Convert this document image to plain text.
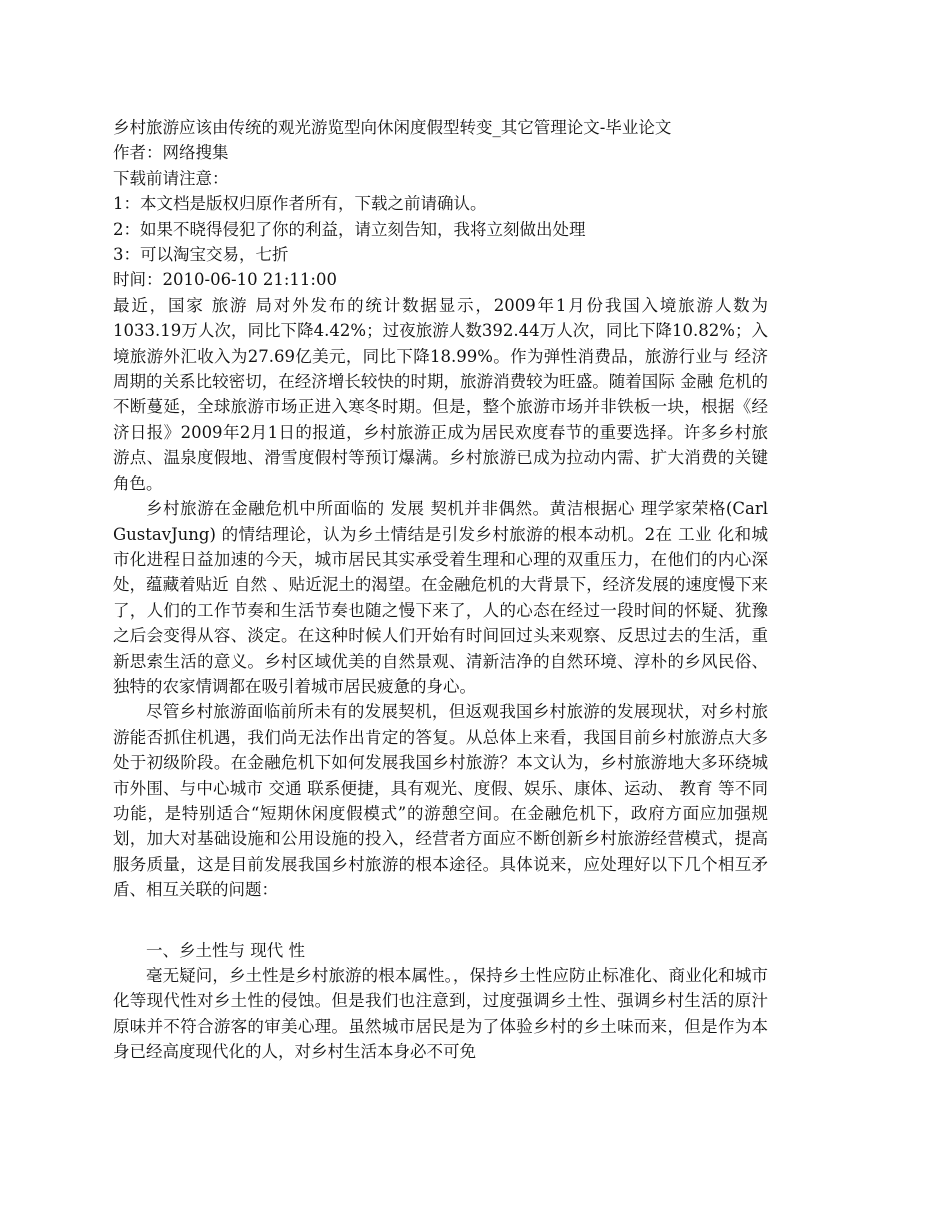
乡村旅游应该由传统的观光游览型向休闲度假型转变_其它管理论文-毕业论文
作者：网络搜集
下载前请注意：
1：本文档是版权归原作者所有，下载之前请确认。
2：如果不晓得侵犯了你的利益，请立刻告知，我将立刻做出处理
3：可以淘宝交易，七折
时间：2010-06-10 21:11:00
最近，国家 旅游 局对外发布的统计数据显示，2009年1月份我国入境旅游人数为1033.19万人次，同比下降4.42%；过夜旅游人数392.44万人次，同比下降10.82%；入境旅游外汇收入为27.69亿美元，同比下降18.99%。作为弹性消费品，旅游行业与 经济 周期的关系比较密切，在经济增长较快的时期，旅游消费较为旺盛。随着国际 金融 危机的不断蔓延，全球旅游市场正进入寒冬时期。但是，整个旅游市场并非铁板一块，根据《经济日报》2009年2月1日的报道，乡村旅游正成为居民欢度春节的重要选择。许多乡村旅游点、温泉度假地、滑雪度假村等预订爆满。乡村旅游已成为拉动内需、扩大消费的关键角色。
乡村旅游在金融危机中所面临的 发展 契机并非偶然。黄洁根据心 理学家荣格(Carl GustavJung) 的情结理论，认为乡土情结是引发乡村旅游的根本动机。2在 工业 化和城市化进程日益加速的今天，城市居民其实承受着生理和心理的双重压力，在他们的内心深处，蕴藏着贴近 自然 、贴近泥土的渴望。在金融危机的大背景下，经济发展的速度慢下来了，人们的工作节奏和生活节奏也随之慢下来了，人的心态在经过一段时间的怀疑、犹豫之后会变得从容、淡定。在这种时候人们开始有时间回过头来观察、反思过去的生活，重新思索生活的意义。乡村区域优美的自然景观、清新洁净的自然环境、淳朴的乡风民俗、独特的农家情调都在吸引着城市居民疲惫的身心。
尽管乡村旅游面临前所未有的发展契机，但返观我国乡村旅游的发展现状，对乡村旅游能否抓住机遇，我们尚无法作出肯定的答复。从总体上来看，我国目前乡村旅游点大多处于初级阶段。在金融危机下如何发展我国乡村旅游？本文认为，乡村旅游地大多环绕城市外围、与中心城市 交通 联系便捷，具有观光、度假、娱乐、康体、运动、 教育 等不同功能，是特别适合“短期休闲度假模式”的游憩空间。在金融危机下，政府方面应加强规划，加大对基础设施和公用设施的投入，经营者方面应不断创新乡村旅游经营模式，提高服务质量，这是目前发展我国乡村旅游的根本途径。具体说来，应处理好以下几个相互矛盾、相互关联的问题：
一、乡土性与 现代 性
毫无疑问，乡土性是乡村旅游的根本属性。，保持乡土性应防止标准化、商业化和城市化等现代性对乡土性的侵蚀。但是我们也注意到，过度强调乡土性、强调乡村生活的原汁原味并不符合游客的审美心理。虽然城市居民是为了体验乡村的乡土味而来，但是作为本身已经高度现代化的人，对乡村生活本身必不可免
